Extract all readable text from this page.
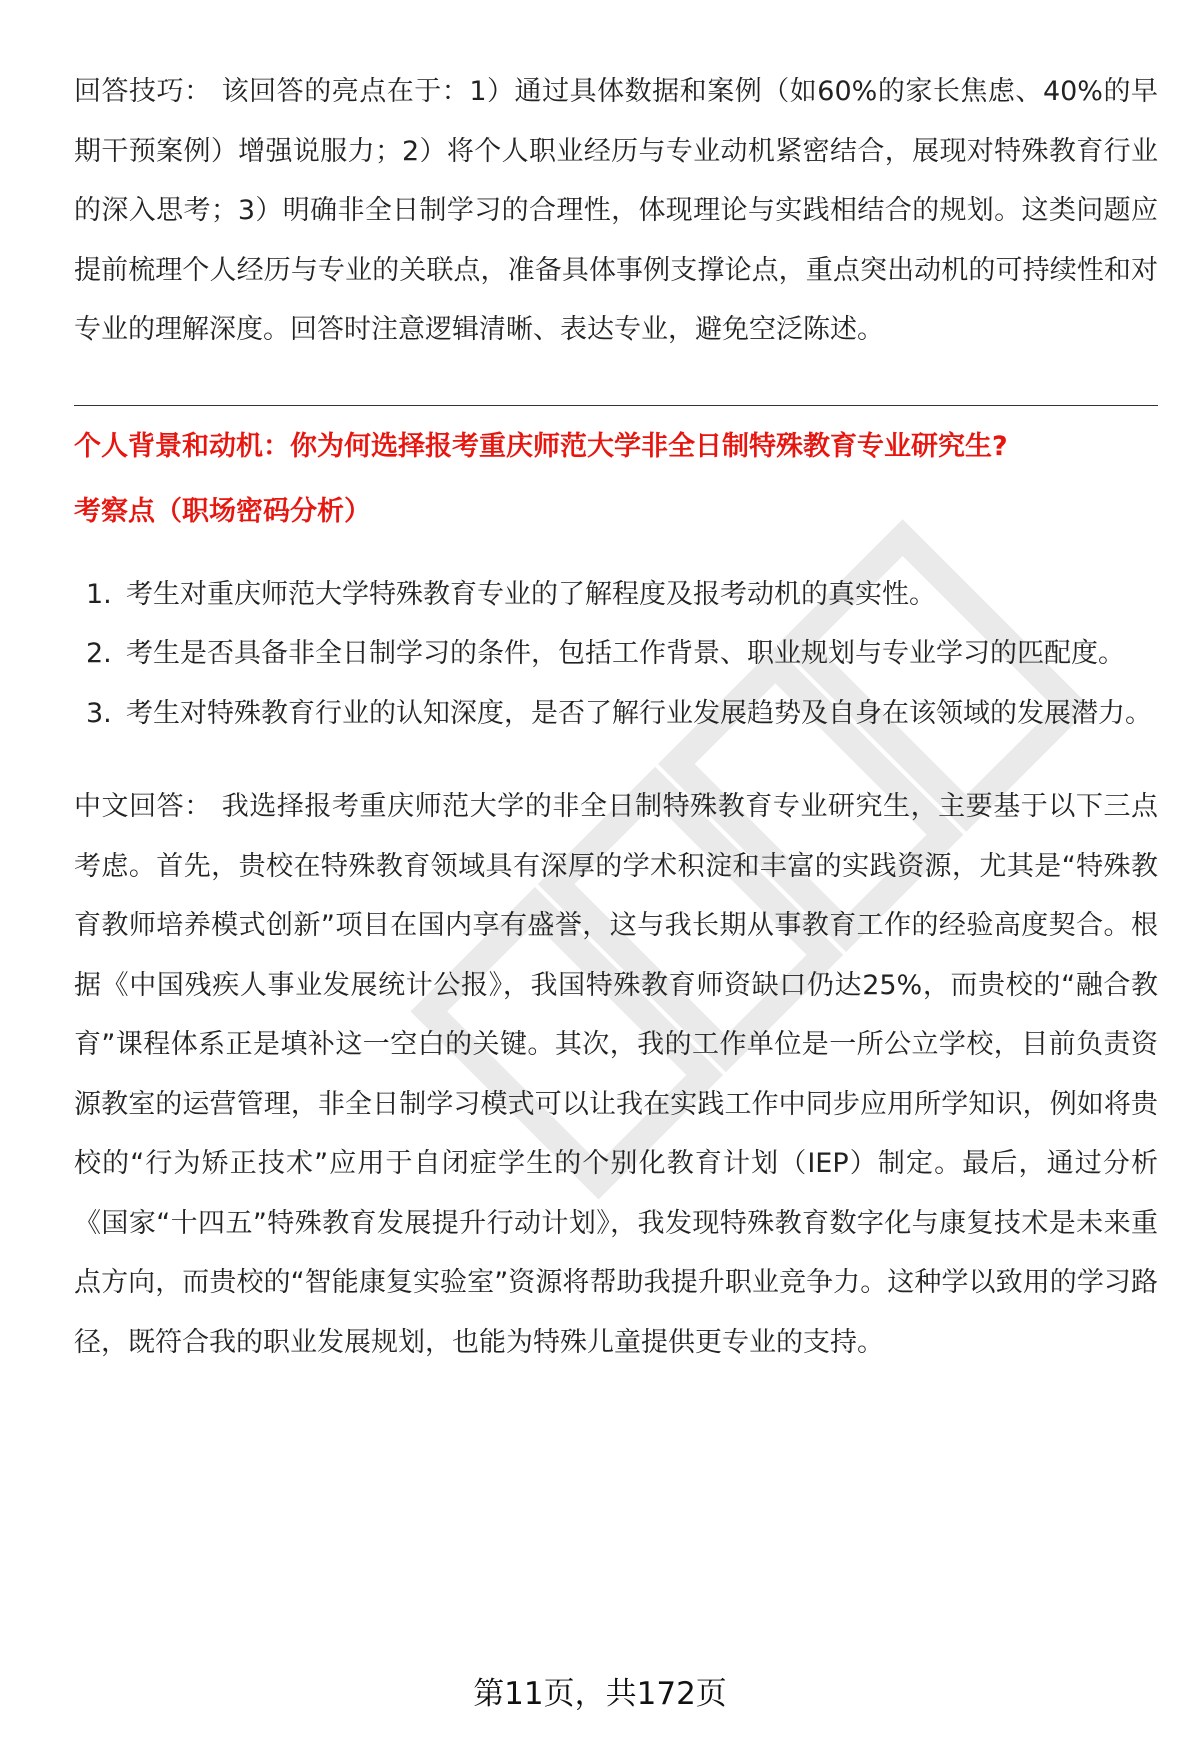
回答技巧： 该回答的亮点在于：1）通过具体数据和案例（如60%的家长焦虑、40%的早期干预案例）增强说服力；2）将个人职业经历与专业动机紧密结合，展现对特殊教育行业的深入思考；3）明确非全日制学习的合理性，体现理论与实践相结合的规划。这类问题应提前梳理个人经历与专业的关联点，准备具体事例支撑论点，重点突出动机的可持续性和对专业的理解深度。回答时注意逻辑清晰、表达专业，避免空泛陈述。

个人背景和动机：你为何选择报考重庆师范大学非全日制特殊教育专业研究生?

考察点（职场密码分析）

1. 考生对重庆师范大学特殊教育专业的了解程度及报考动机的真实性。
2. 考生是否具备非全日制学习的条件，包括工作背景、职业规划与专业学习的匹配度。
3. 考生对特殊教育行业的认知深度，是否了解行业发展趋势及自身在该领域的发展潜力。

中文回答： 我选择报考重庆师范大学的非全日制特殊教育专业研究生，主要基于以下三点考虑。首先，贵校在特殊教育领域具有深厚的学术积淀和丰富的实践资源，尤其是“特殊教育教师培养模式创新”项目在国内享有盛誉，这与我长期从事教育工作的经验高度契合。根据《中国残疾人事业发展统计公报》，我国特殊教育师资缺口仍达25%，而贵校的“融合教育”课程体系正是填补这一空白的关键。其次，我的工作单位是一所公立学校，目前负责资源教室的运营管理，非全日制学习模式可以让我在实践工作中同步应用所学知识，例如将贵校的“行为矫正技术”应用于自闭症学生的个别化教育计划（IEP）制定。最后，通过分析《国家“十四五”特殊教育发展提升行动计划》，我发现特殊教育数字化与康复技术是未来重点方向，而贵校的“智能康复实验室”资源将帮助我提升职业竞争力。这种学以致用的学习路径，既符合我的职业发展规划，也能为特殊儿童提供更专业的支持。

第11页，共172页
